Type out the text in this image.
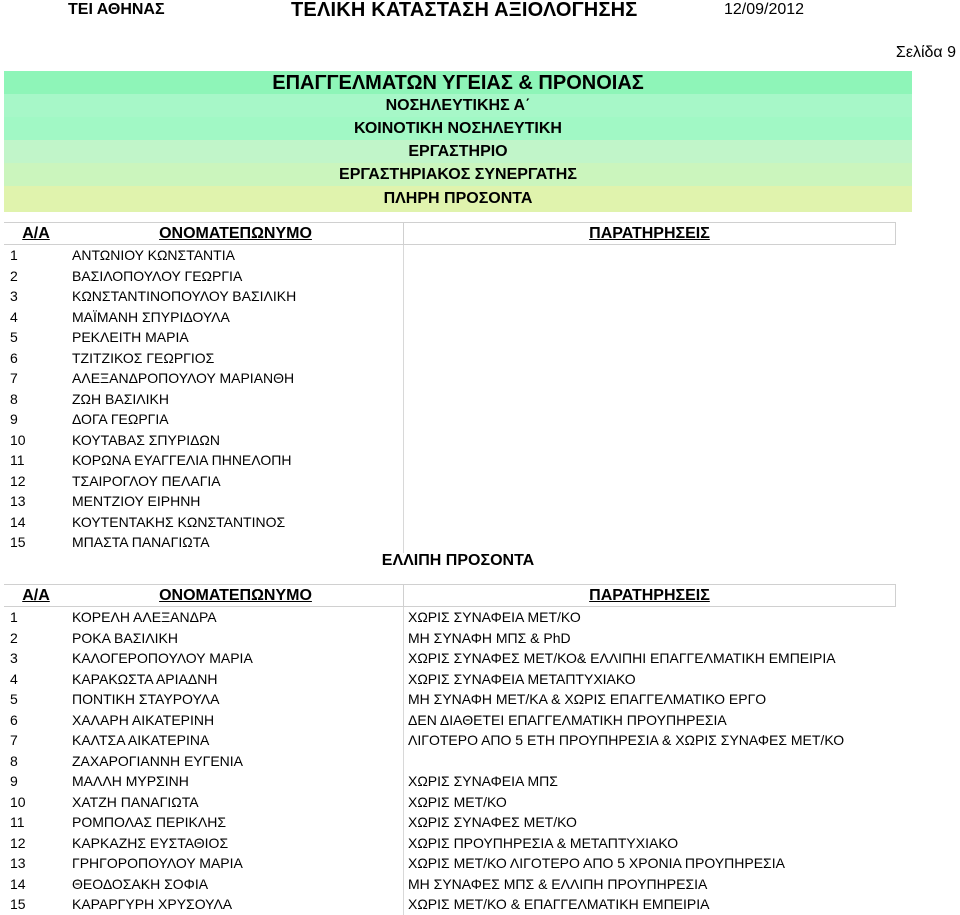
ΤΕΙ ΑΘΗΝΑΣ	ΤΕΛΙΚΗ ΚΑΤΑΣΤΑΣΗ ΑΞΙΟΛΟΓΗΣΗΣ	12/09/2012
Σελίδα 9
ΕΠΑΓΓΕΛΜΑΤΩΝ ΥΓΕΙΑΣ & ΠΡΟΝΟΙΑΣ
ΝΟΣΗΛΕΥΤΙΚΗΣ Α΄
ΚΟΙΝΟΤΙΚΗ ΝΟΣΗΛΕΥΤΙΚΗ
ΕΡΓΑΣΤΗΡΙΟ
ΕΡΓΑΣΤΗΡΙΑΚΟΣ ΣΥΝΕΡΓΑΤΗΣ
ΠΛΗΡΗ ΠΡΟΣΟΝΤΑ
Α/Α	ΟΝΟΜΑΤΕΠΩΝΥΜΟ	ΠΑΡΑΤΗΡΗΣΕΙΣ
1	ΑΝΤΩΝΙΟΥ ΚΩΝΣΤΑΝΤΙΑ	
2	ΒΑΣΙΛΟΠΟΥΛΟΥ ΓΕΩΡΓΙΑ	
3	ΚΩΝΣΤΑΝΤΙΝΟΠΟΥΛΟΥ ΒΑΣΙΛΙΚΗ	
4	ΜΑΪΜΑΝΗ ΣΠΥΡΙΔΟΥΛΑ	
5	ΡΕΚΛΕΙΤΗ ΜΑΡΙΑ	
6	ΤΖΙΤΖΙΚΟΣ ΓΕΩΡΓΙΟΣ	
7	ΑΛΕΞΑΝΔΡΟΠΟΥΛΟΥ ΜΑΡΙΑΝΘΗ	
8	ΖΩΗ ΒΑΣΙΛΙΚΗ	
9	ΔΟΓΑ ΓΕΩΡΓΙΑ	
10	ΚΟΥΤΑΒΑΣ ΣΠΥΡΙΔΩΝ	
11	ΚΟΡΩΝΑ ΕΥΑΓΓΕΛΙΑ ΠΗΝΕΛΟΠΗ	
12	ΤΣΑΙΡΟΓΛΟΥ ΠΕΛΑΓΙΑ	
13	ΜΕΝΤΖΙΟΥ ΕΙΡΗΝΗ	
14	ΚΟΥΤΕΝΤΑΚΗΣ ΚΩΝΣΤΑΝΤΙΝΟΣ	
15	ΜΠΑΣΤΑ ΠΑΝΑΓΙΩΤΑ	
ΕΛΛΙΠΗ ΠΡΟΣΟΝΤΑ
Α/Α	ΟΝΟΜΑΤΕΠΩΝΥΜΟ	ΠΑΡΑΤΗΡΗΣΕΙΣ
1	ΚΟΡΕΛΗ ΑΛΕΞΑΝΔΡΑ	ΧΩΡΙΣ ΣΥΝΑΦΕΙΑ ΜΕΤ/ΚΟ
2	ΡΟΚΑ ΒΑΣΙΛΙΚΗ	ΜΗ ΣΥΝΑΦΗ ΜΠΣ & PhD
3	ΚΑΛΟΓΕΡΟΠΟΥΛΟΥ ΜΑΡΙΑ	ΧΩΡΙΣ ΣΥΝΑΦΕΣ ΜΕΤ/ΚΟ& ΕΛΛΙΠΗΙ ΕΠΑΓΓΕΛΜΑΤΙΚΗ ΕΜΠΕΙΡΙΑ
4	ΚΑΡΑΚΩΣΤΑ ΑΡΙΑΔΝΗ	ΧΩΡΙΣ ΣΥΝΑΦΕΙΑ ΜΕΤΑΠΤΥΧΙΑΚΟ
5	ΠΟΝΤΙΚΗ ΣΤΑΥΡΟΥΛΑ	ΜΗ ΣΥΝΑΦΗ ΜΕΤ/ΚΑ & ΧΩΡΙΣ ΕΠΑΓΓΕΛΜΑΤΙΚΟ ΕΡΓΟ
6	ΧΑΛΑΡΗ ΑΙΚΑΤΕΡΙΝΗ	ΔΕΝ ΔΙΑΘΕΤΕΙ ΕΠΑΓΓΕΛΜΑΤΙΚΗ ΠΡΟΥΠΗΡΕΣΙΑ
7	ΚΑΛΤΣΑ ΑΙΚΑΤΕΡΙΝΑ	ΛΙΓΟΤΕΡΟ ΑΠΟ 5 ΕΤΗ ΠΡΟΥΠΗΡΕΣΙΑ & ΧΩΡΙΣ ΣΥΝΑΦΕΣ ΜΕΤ/ΚΟ
8	ΖΑΧΑΡΟΓΙΑΝΝΗ ΕΥΓΕΝΙΑ	
9	ΜΑΛΛΗ ΜΥΡΣΙΝΗ	ΧΩΡΙΣ ΣΥΝΑΦΕΙΑ ΜΠΣ
10	ΧΑΤΖΗ ΠΑΝΑΓΙΩΤΑ	ΧΩΡΙΣ ΜΕΤ/ΚΟ
11	ΡΟΜΠΟΛΑΣ ΠΕΡΙΚΛΗΣ	ΧΩΡΙΣ ΣΥΝΑΦΕΣ ΜΕΤ/ΚΟ
12	ΚΑΡΚΑΖΗΣ ΕΥΣΤΑΘΙΟΣ	ΧΩΡΙΣ ΠΡΟΥΠΗΡΕΣΙΑ & ΜΕΤΑΠΤΥΧΙΑΚΟ
13	ΓΡΗΓΟΡΟΠΟΥΛΟΥ ΜΑΡΙΑ	ΧΩΡΙΣ ΜΕΤ/ΚΟ ΛΙΓΟΤΕΡΟ ΑΠΟ 5 ΧΡΟΝΙΑ ΠΡΟΥΠΗΡΕΣΙΑ
14	ΘΕΟΔΟΣΑΚΗ ΣΟΦΙΑ	ΜΗ ΣΥΝΑΦΕΣ ΜΠΣ & ΕΛΛΙΠΗ ΠΡΟΥΠΗΡΕΣΙΑ
15	ΚΑΡΑΡΓΥΡΗ ΧΡΥΣΟΥΛΑ	ΧΩΡΙΣ ΜΕΤ/ΚΟ & ΕΠΑΓΓΕΛΜΑΤΙΚΗ ΕΜΠΕΙΡΙΑ
